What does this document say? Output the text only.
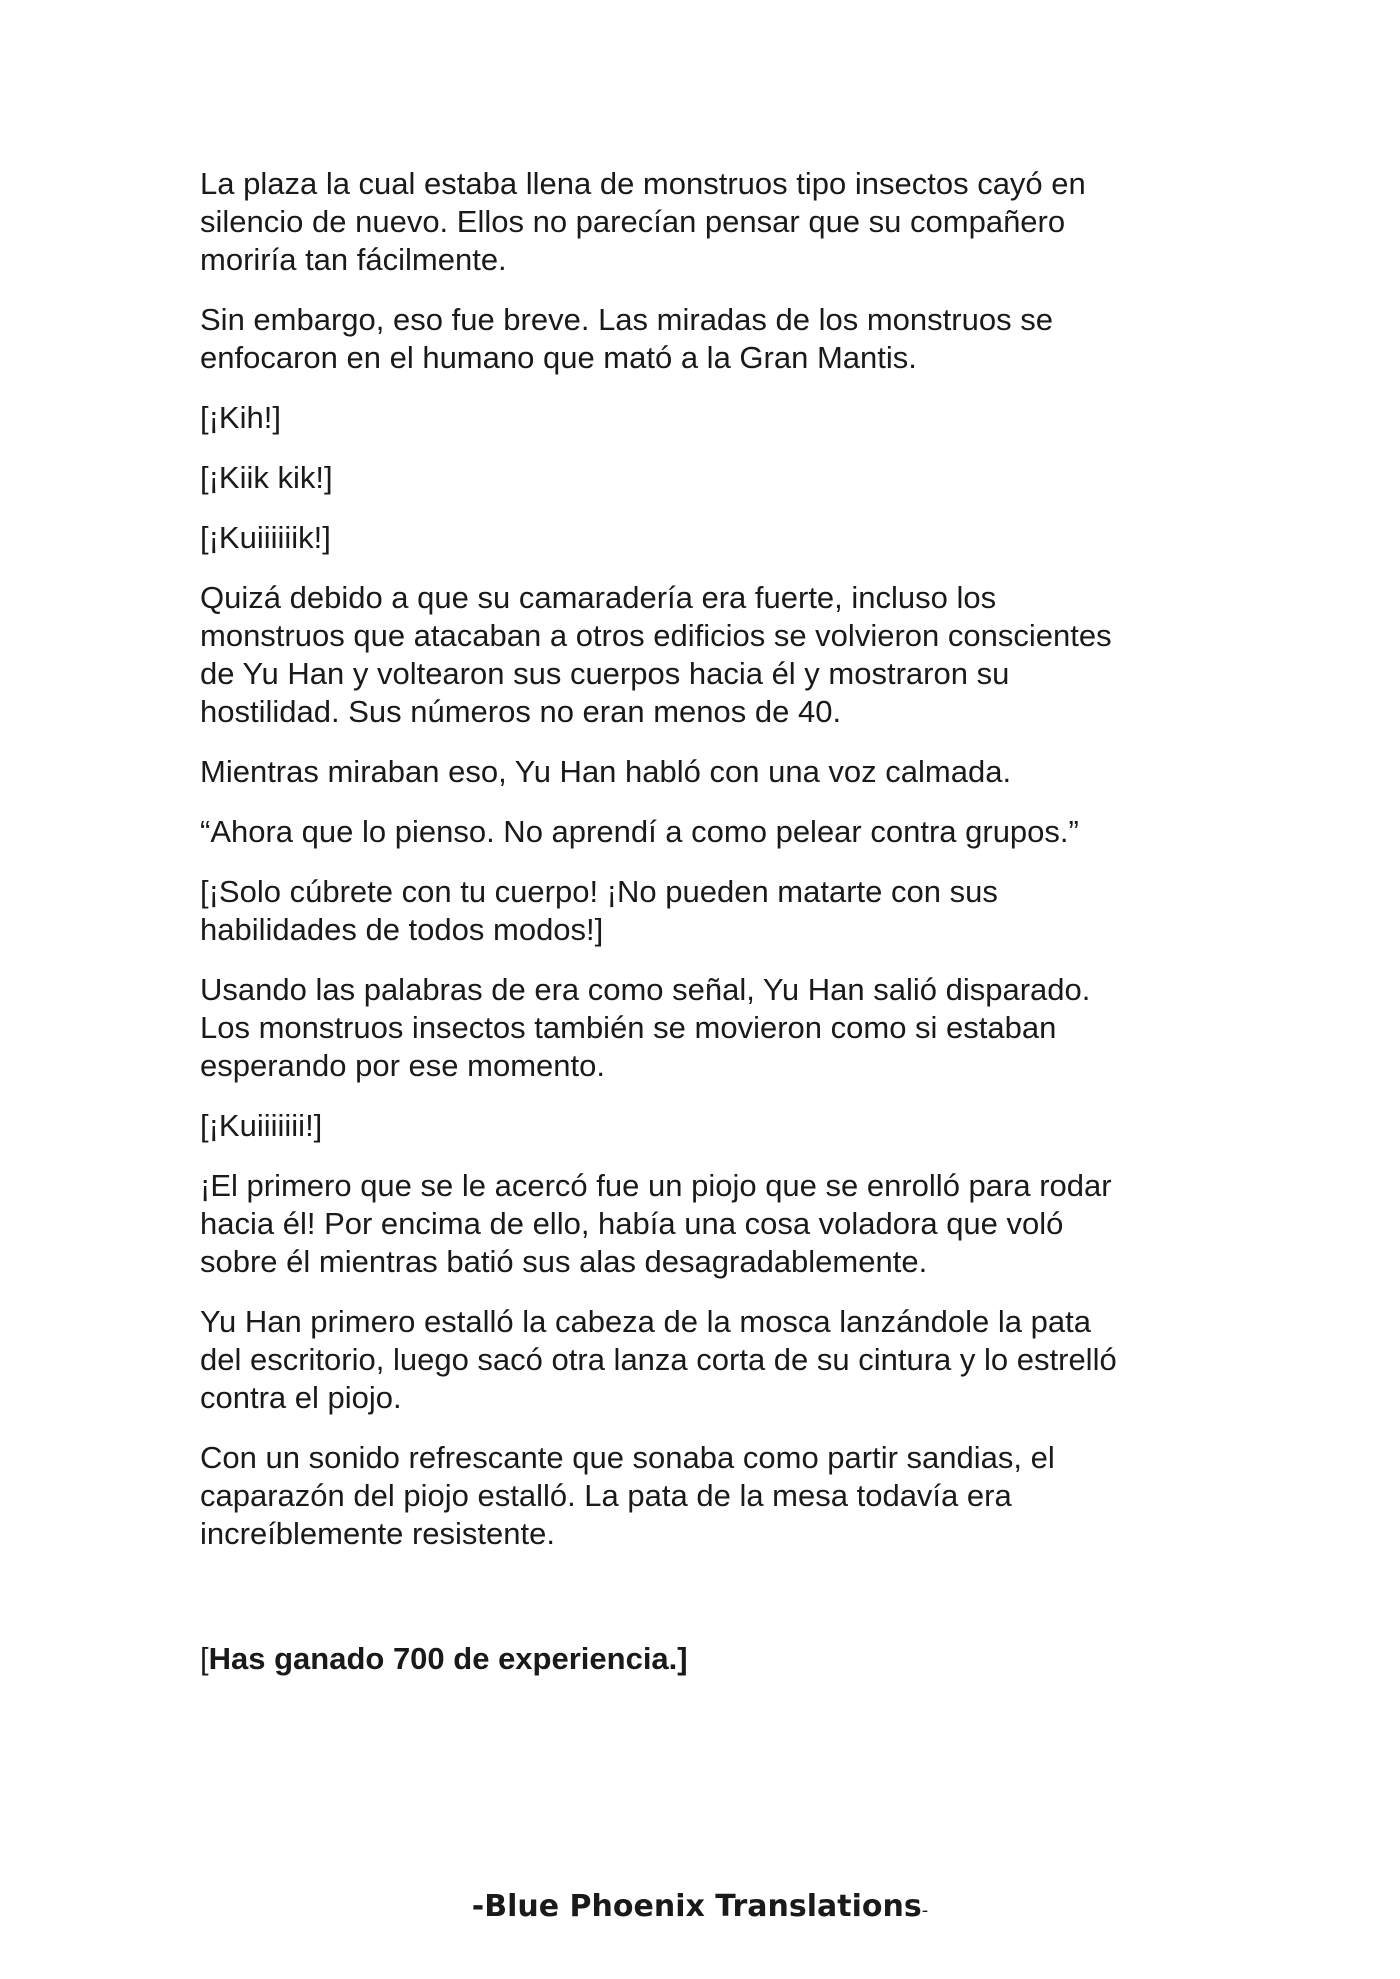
La plaza la cual estaba llena de monstruos tipo insectos cayó en
silencio de nuevo. Ellos no parecían pensar que su compañero
moriría tan fácilmente.

Sin embargo, eso fue breve. Las miradas de los monstruos se
enfocaron en el humano que mató a la Gran Mantis.

[¡Kih!]

[¡Kiik kik!]

[¡Kuiiiiiik!]

Quizá debido a que su camaradería era fuerte, incluso los
monstruos que atacaban a otros edificios se volvieron conscientes
de Yu Han y voltearon sus cuerpos hacia él y mostraron su
hostilidad. Sus números no eran menos de 40.

Mientras miraban eso, Yu Han habló con una voz calmada.

“Ahora que lo pienso. No aprendí a como pelear contra grupos.”

[¡Solo cúbrete con tu cuerpo! ¡No pueden matarte con sus
habilidades de todos modos!]

Usando las palabras de era como señal, Yu Han salió disparado.
Los monstruos insectos también se movieron como si estaban
esperando por ese momento.

[¡Kuiiiiiii!]

¡El primero que se le acercó fue un piojo que se enrolló para rodar
hacia él! Por encima de ello, había una cosa voladora que voló
sobre él mientras batió sus alas desagradablemente.

Yu Han primero estalló la cabeza de la mosca lanzándole la pata
del escritorio, luego sacó otra lanza corta de su cintura y lo estrelló
contra el piojo.

Con un sonido refrescante que sonaba como partir sandias, el
caparazón del piojo estalló. La pata de la mesa todavía era
increíblemente resistente.

[Has ganado 700 de experiencia.]

-Blue Phoenix Translations-
